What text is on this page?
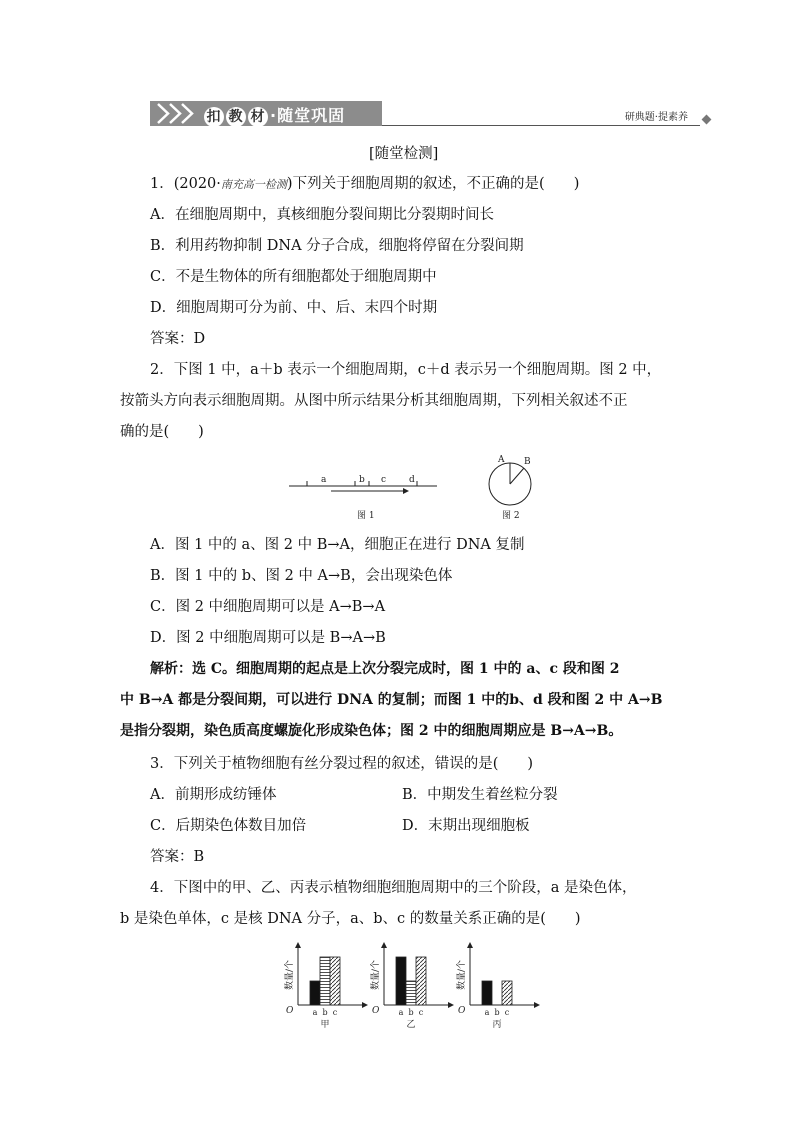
扣 教 材 ·随堂巩固	研典题·提素养
[随堂检测]
1．(2020·南充高一检测)下列关于细胞周期的叙述，不正确的是(　　)
A．在细胞周期中，真核细胞分裂间期比分裂期时间长
B．利用药物抑制 DNA 分子合成，细胞将停留在分裂间期
C．不是生物体的所有细胞都处于细胞周期中
D．细胞周期可分为前、中、后、末四个时期
答案：D
2．下图 1 中，a＋b 表示一个细胞周期，c＋d 表示另一个细胞周期。图 2 中，
按箭头方向表示细胞周期。从图中所示结果分析其细胞周期，下列相关叙述不正
确的是(　　)
a	b c	d
图 1
A B
图 2
A．图 1 中的 a、图 2 中 B→A，细胞正在进行 DNA 复制
B．图 1 中的 b、图 2 中 A→B，会出现染色体
C．图 2 中细胞周期可以是 A→B→A
D．图 2 中细胞周期可以是 B→A→B
解析：选 C。细胞周期的起点是上次分裂完成时，图 1 中的 a、c 段和图 2
中 B→A 都是分裂间期，可以进行 DNA 的复制；而图 1 中的b、d 段和图 2 中 A→B
是指分裂期，染色质高度螺旋化形成染色体；图 2 中的细胞周期应是 B→A→B。
3．下列关于植物细胞有丝分裂过程的叙述，错误的是(　　)
A．前期形成纺锤体	B．中期发生着丝粒分裂
C．后期染色体数目加倍	D．末期出现细胞板
答案：B
4．下图中的甲、乙、丙表示植物细胞细胞周期中的三个阶段，a 是染色体，
b 是染色单体，c 是核 DNA 分子，a、b、c 的数量关系正确的是(　　)
数量/个
O a b c
甲
数量/个
O a b c
乙
数量/个
O a b c
丙
